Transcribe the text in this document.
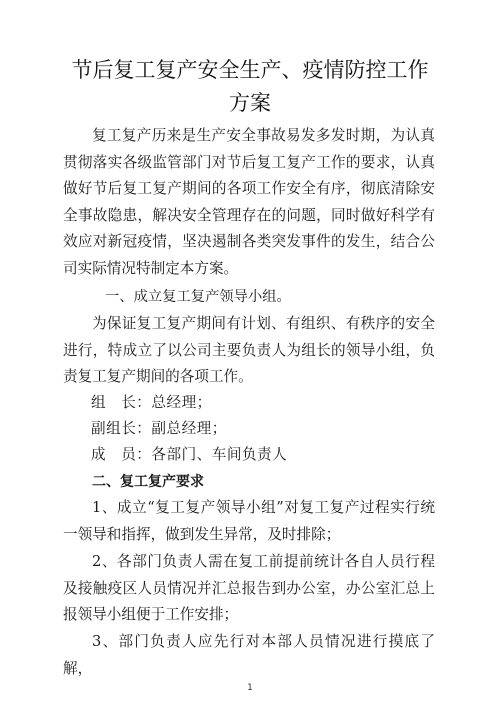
节后复工复产安全生产、疫情防控工作方案

复工复产历来是生产安全事故易发多发时期，为认真贯彻落实各级监管部门对节后复工复产工作的要求，认真做好节后复工复产期间的各项工作安全有序，彻底清除安全事故隐患，解决安全管理存在的问题，同时做好科学有效应对新冠疫情，坚决遏制各类突发事件的发生，结合公司实际情况特制定本方案。

一、成立复工复产领导小组。

为保证复工复产期间有计划、有组织、有秩序的安全进行，特成立了以公司主要负责人为组长的领导小组，负责复工复产期间的各项工作。

组　长：总经理；

副组长：副总经理；

成　员：各部门、车间负责人

二、复工复产要求

1、成立“复工复产领导小组”对复工复产过程实行统一领导和指挥，做到发生异常，及时排除；

2、各部门负责人需在复工前提前统计各自人员行程及接触疫区人员情况并汇总报告到办公室，办公室汇总上报领导小组便于工作安排；

3、部门负责人应先行对本部人员情况进行摸底了解，

1
